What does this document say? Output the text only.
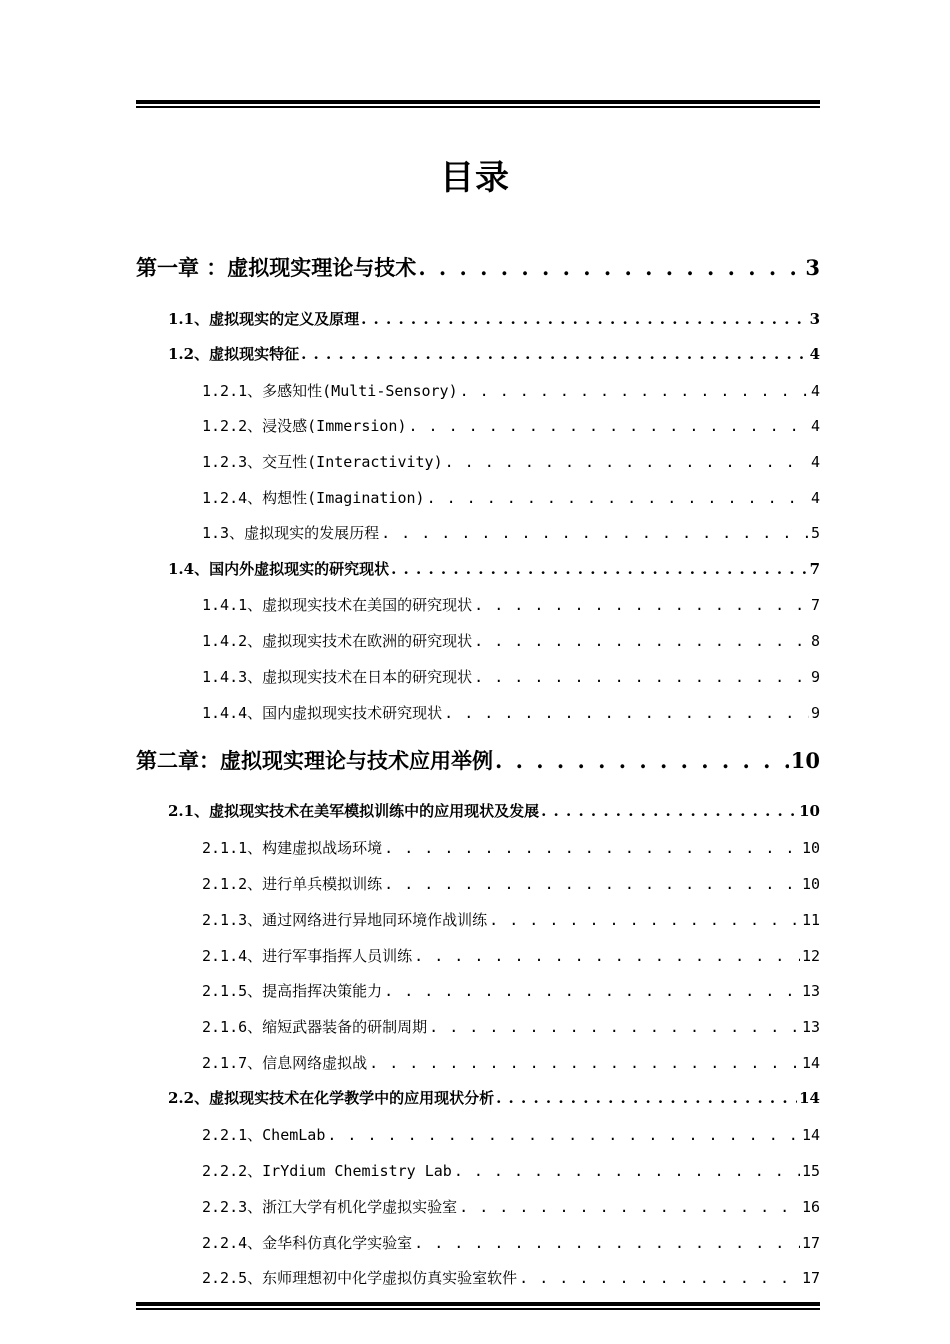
目录
第一章 ：虚拟现实理论与技术 . . .	3
1.1、虚拟现实的定义及原理 . . .	3
1.2、虚拟现实特征 . . .	4
1.2.1、多感知性(Multi-Sensory) . . .	4
1.2.2、浸没感(Immersion) . . .	4
1.2.3、交互性(Interactivity) . . .	4
1.2.4、构想性(Imagination) . . .	4
1.3、虚拟现实的发展历程 . . .	5
1.4、国内外虚拟现实的研究现状 . . .	7
1.4.1、虚拟现实技术在美国的研究现状 . . .	7
1.4.2、虚拟现实技术在欧洲的研究现状 . . .	8
1.4.3、虚拟现实技术在日本的研究现状 . . .	9
1.4.4、国内虚拟现实技术研究现状 . . .	9
第二章：虚拟现实理论与技术应用举例 . . .	10
2.1、虚拟现实技术在美军模拟训练中的应用现状及发展 . . .	10
2.1.1、构建虚拟战场环境 . . .	10
2.1.2、进行单兵模拟训练 . . .	10
2.1.3、通过网络进行异地同环境作战训练 . . .	11
2.1.4、进行军事指挥人员训练 . . .	12
2.1.5、提高指挥决策能力 . . .	13
2.1.6、缩短武器装备的研制周期 . . .	13
2.1.7、信息网络虚拟战 . . .	14
2.2、虚拟现实技术在化学教学中的应用现状分析 . . .	14
2.2.1、ChemLab . . .	14
2.2.2、IrYdium Chemistry Lab . . .	15
2.2.3、浙江大学有机化学虚拟实验室 . . .	16
2.2.4、金华科仿真化学实验室 . . .	17
2.2.5、东师理想初中化学虚拟仿真实验室软件 . . .	17
